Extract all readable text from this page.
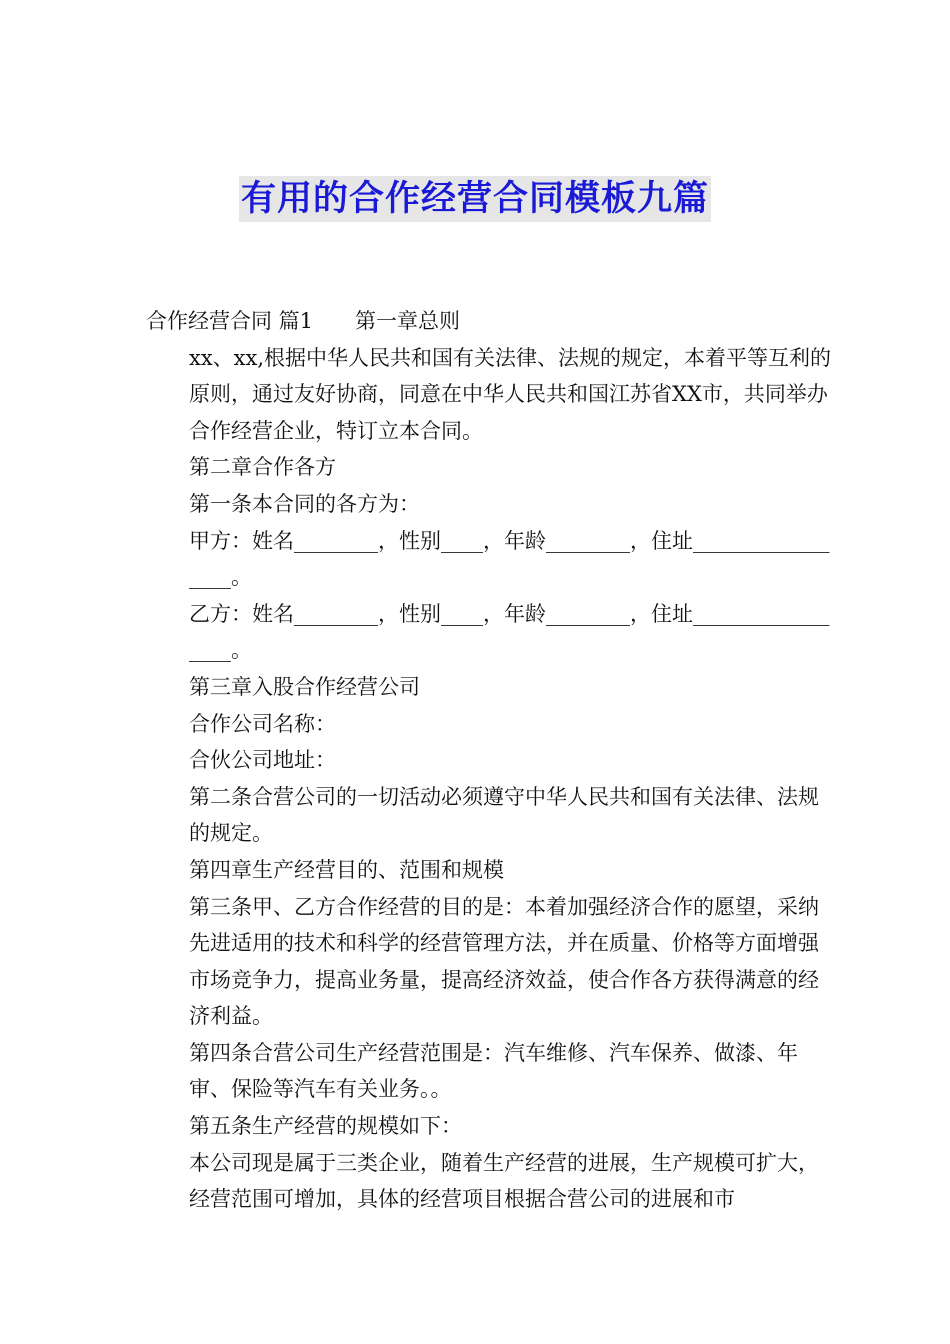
有用的合作经营合同模板九篇

合作经营合同 篇1　　第一章总则

xx、xx,根据中华人民共和国有关法律、法规的规定，本着平等互利的原则，通过友好协商，同意在中华人民共和国江苏省XX市，共同举办合作经营企业，特订立本合同。

第二章合作各方

第一条本合同的各方为：

甲方：姓名________，性别____，年龄________，住址_________________。

乙方：姓名________，性别____，年龄________，住址_________________。

第三章入股合作经营公司

合作公司名称：

合伙公司地址：

第二条合营公司的一切活动必须遵守中华人民共和国有关法律、法规的规定。

第四章生产经营目的、范围和规模

第三条甲、乙方合作经营的目的是：本着加强经济合作的愿望，采纳先进适用的技术和科学的经营管理方法，并在质量、价格等方面增强市场竞争力，提高业务量，提高经济效益，使合作各方获得满意的经济利益。

第四条合营公司生产经营范围是：汽车维修、汽车保养、做漆、年审、保险等汽车有关业务。。

第五条生产经营的规模如下：

本公司现是属于三类企业，随着生产经营的进展，生产规模可扩大，经营范围可增加，具体的经营项目根据合营公司的进展和市
